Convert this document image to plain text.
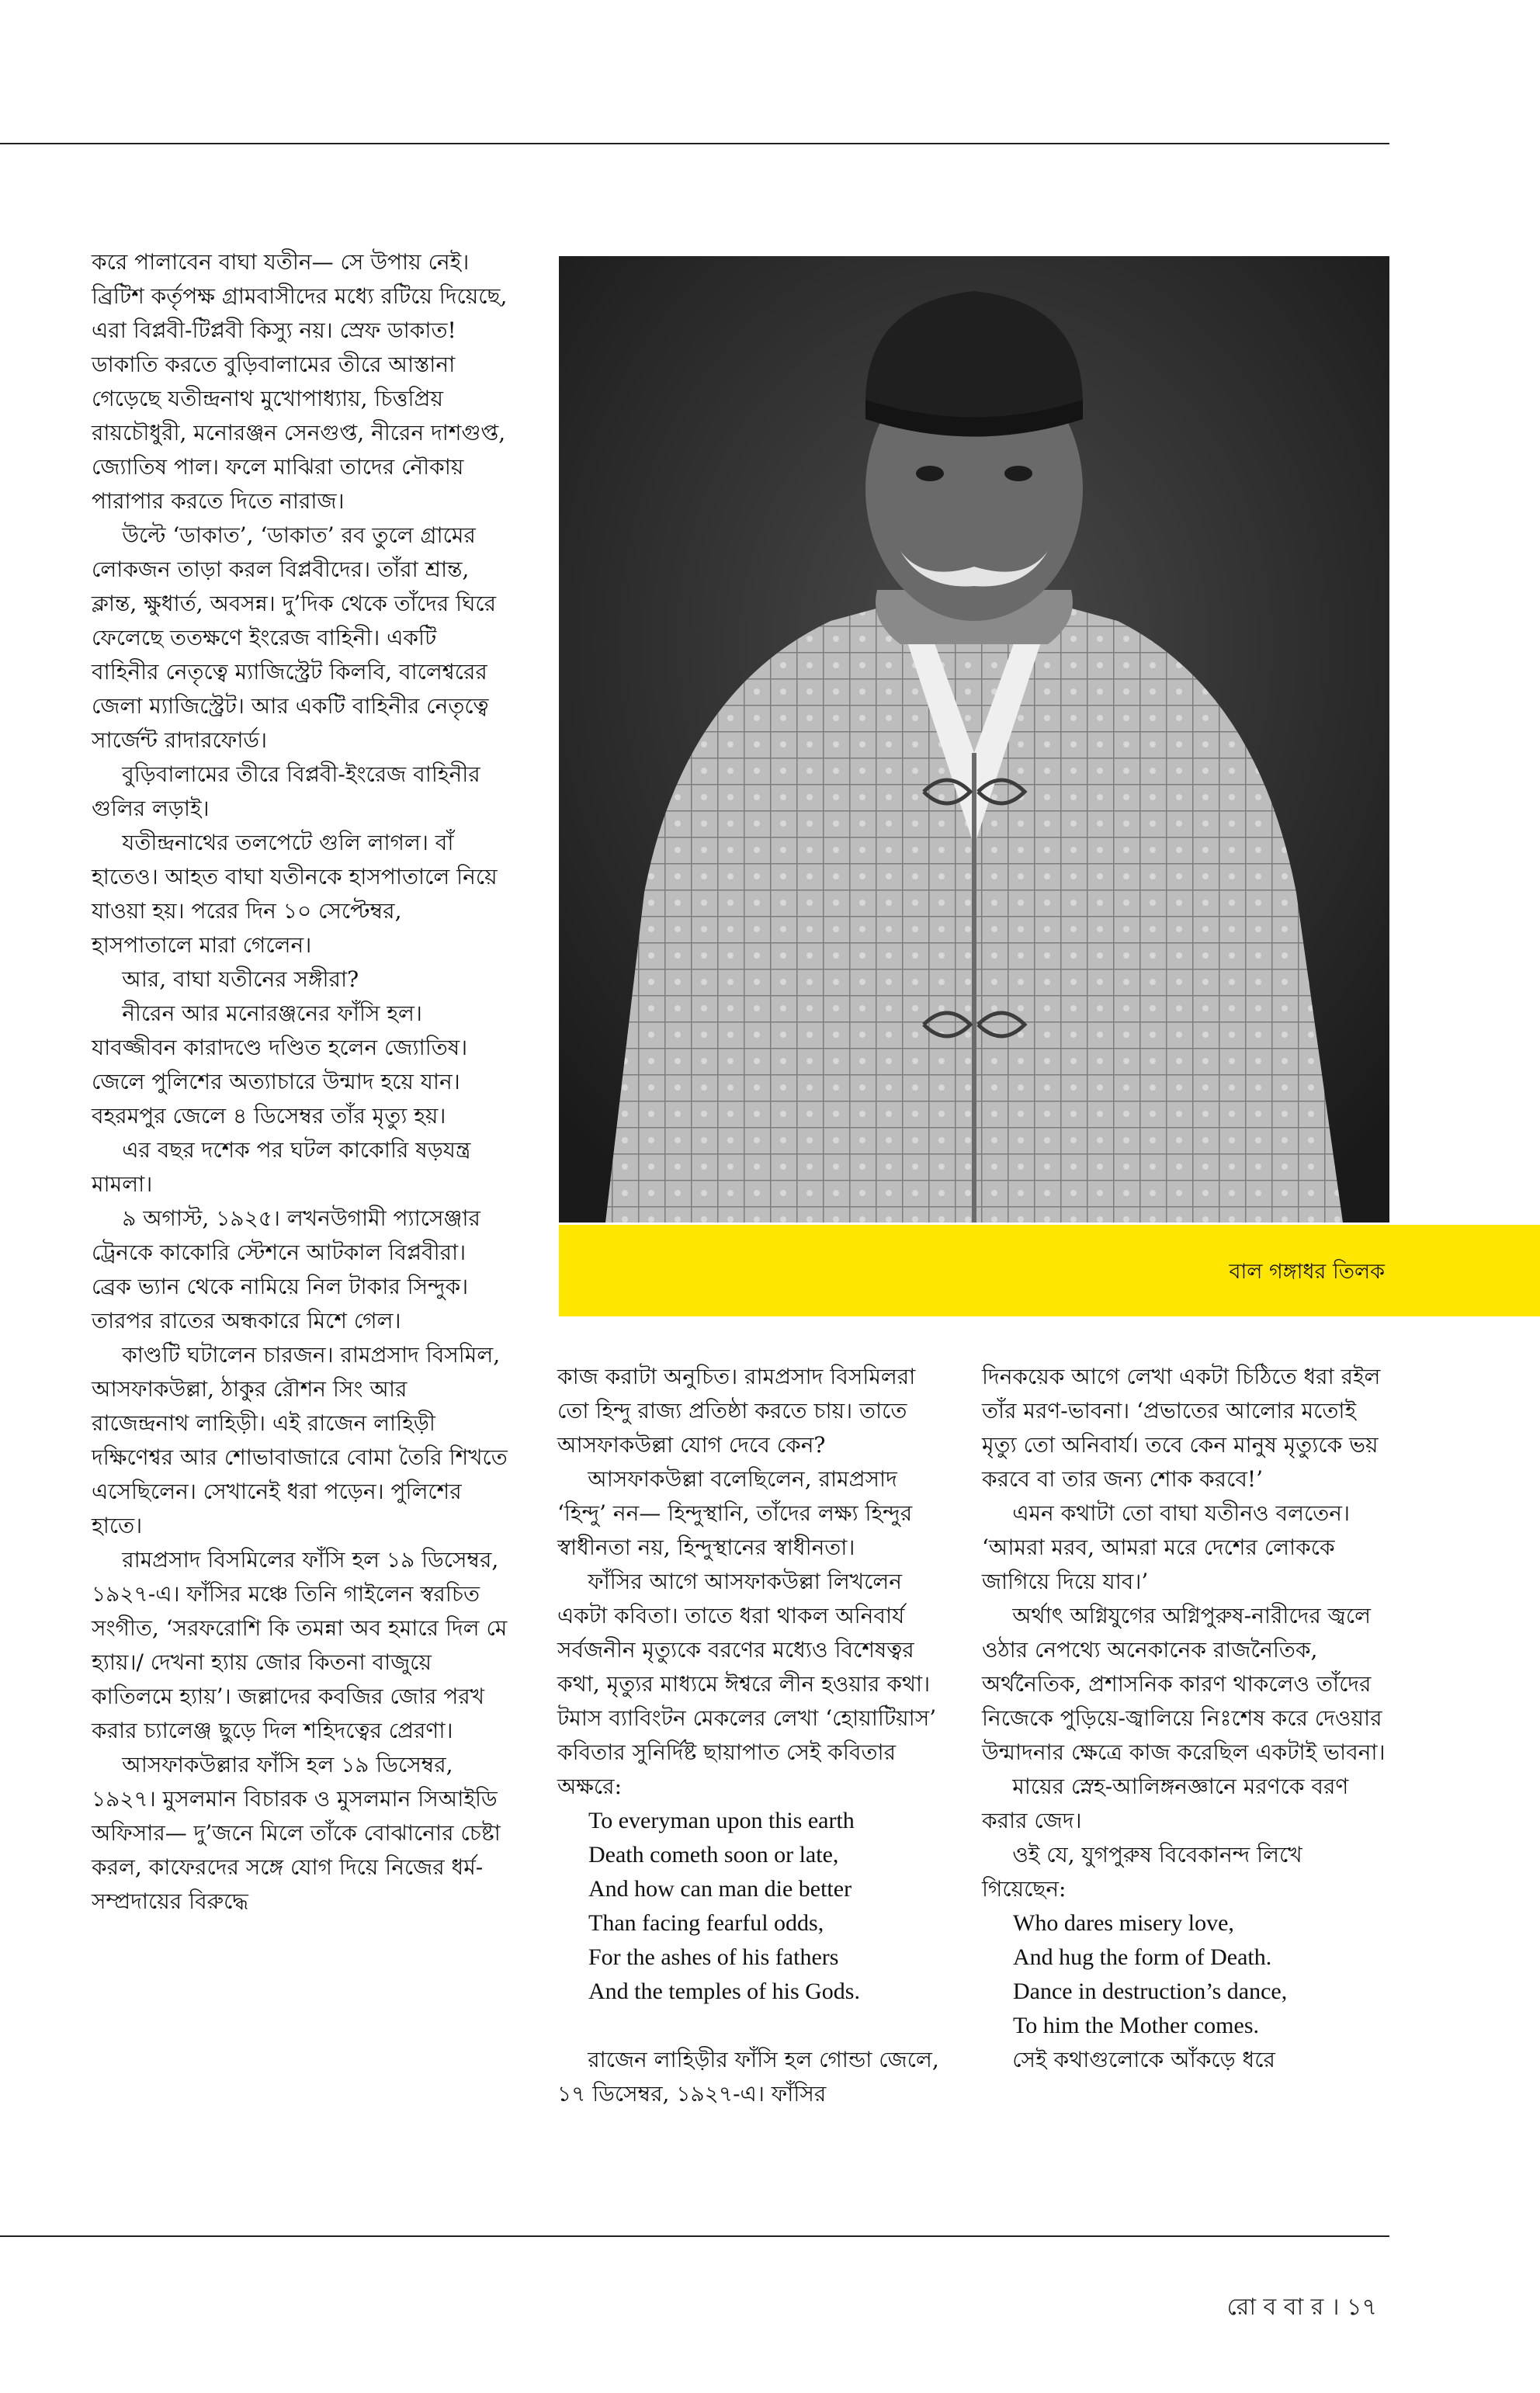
করে পালাবেন বাঘা যতীন— সে উপায় নেই। ব্রিটিশ কর্তৃপক্ষ গ্রামবাসীদের মধ্যে রটিয়ে দিয়েছে, এরা বিপ্লবী-টিপ্লবী কিস্যু নয়। স্রেফ ডাকাত! ডাকাতি করতে বুড়িবালামের তীরে আস্তানা গেড়েছে যতীন্দ্রনাথ মুখোপাধ্যায়, চিত্তপ্রিয় রায়চৌধুরী, মনোরঞ্জন সেনগুপ্ত, নীরেন দাশগুপ্ত, জ্যোতিষ পাল। ফলে মাঝিরা তাদের নৌকায় পারাপার করতে দিতে নারাজ।

উল্টে ‘ডাকাত’, ‘ডাকাত’ রব তুলে গ্রামের লোকজন তাড়া করল বিপ্লবীদের। তাঁরা শ্রান্ত, ক্লান্ত, ক্ষুধার্ত, অবসন্ন। দু’দিক থেকে তাঁদের ঘিরে ফেলেছে ততক্ষণে ইংরেজ বাহিনী। একটি বাহিনীর নেতৃত্বে ম্যাজিস্ট্রেট কিলবি, বালেশ্বরের জেলা ম্যাজিস্ট্রেট। আর একটি বাহিনীর নেতৃত্বে সার্জেন্ট রাদারফোর্ড।

বুড়িবালামের তীরে বিপ্লবী-ইংরেজ বাহিনীর গুলির লড়াই।

যতীন্দ্রনাথের তলপেটে গুলি লাগল। বাঁ হাতেও। আহত বাঘা যতীনকে হাসপাতালে নিয়ে যাওয়া হয়। পরের দিন ১০ সেপ্টেম্বর, হাসপাতালে মারা গেলেন।

আর, বাঘা যতীনের সঙ্গীরা?

নীরেন আর মনোরঞ্জনের ফাঁসি হল। যাবজ্জীবন কারাদণ্ডে দণ্ডিত হলেন জ্যোতিষ। জেলে পুলিশের অত্যাচারে উন্মাদ হয়ে যান। বহরমপুর জেলে ৪ ডিসেম্বর তাঁর মৃত্যু হয়।

এর বছর দশেক পর ঘটল কাকোরি ষড়যন্ত্র মামলা।

৯ অগাস্ট, ১৯২৫। লখনউগামী প্যাসেঞ্জার ট্রেনকে কাকোরি স্টেশনে আটকাল বিপ্লবীরা। ব্রেক ভ্যান থেকে নামিয়ে নিল টাকার সিন্দুক। তারপর রাতের অন্ধকারে মিশে গেল।

কাণ্ডটি ঘটালেন চারজন। রামপ্রসাদ বিসমিল, আসফাকউল্লা, ঠাকুর রৌশন সিং আর রাজেন্দ্রনাথ লাহিড়ী। এই রাজেন লাহিড়ী দক্ষিণেশ্বর আর শোভাবাজারে বোমা তৈরি শিখতে এসেছিলেন। সেখানেই ধরা পড়েন। পুলিশের হাতে।

রামপ্রসাদ বিসমিলের ফাঁসি হল ১৯ ডিসেম্বর, ১৯২৭-এ। ফাঁসির মঞ্চে তিনি গাইলেন স্বরচিত সংগীত, ‘সরফরোশি কি তমন্না অব হমারে দিল মে হ্যায়।/ দেখনা হ্যায় জোর কিতনা বাজুয়ে কাতিলমে হ্যায়’। জল্লাদের কবজির জোর পরখ করার চ্যালেঞ্জ ছুড়ে দিল শহিদত্বের প্রেরণা।

আসফাকউল্লার ফাঁসি হল ১৯ ডিসেম্বর, ১৯২৭। মুসলমান বিচারক ও মুসলমান সিআইডি অফিসার— দু’জনে মিলে তাঁকে বোঝানোর চেষ্টা করল, কাফেরদের সঙ্গে যোগ দিয়ে নিজের ধর্ম-সম্প্রদায়ের বিরুদ্ধে

বাল গঙ্গাধর তিলক

কাজ করাটা অনুচিত। রামপ্রসাদ বিসমিলরা তো হিন্দু রাজ্য প্রতিষ্ঠা করতে চায়। তাতে আসফাকউল্লা যোগ দেবে কেন?

আসফাকউল্লা বলেছিলেন, রামপ্রসাদ ‘হিন্দু’ নন— হিন্দুস্থানি, তাঁদের লক্ষ্য হিন্দুর স্বাধীনতা নয়, হিন্দুস্থানের স্বাধীনতা।

ফাঁসির আগে আসফাকউল্লা লিখলেন একটা কবিতা। তাতে ধরা থাকল অনিবার্য সর্বজনীন মৃত্যুকে বরণের মধ্যেও বিশেষত্বর কথা, মৃত্যুর মাধ্যমে ঈশ্বরে লীন হওয়ার কথা। টমাস ব্যাবিংটন মেকলের লেখা ‘হোয়াটিয়াস’ কবিতার সুনির্দিষ্ট ছায়াপাত সেই কবিতার অক্ষরে:

To everyman upon this earth

Death cometh soon or late,

And how can man die better

Than facing fearful odds,

For the ashes of his fathers

And the temples of his Gods.

রাজেন লাহিড়ীর ফাঁসি হল গোন্ডা জেলে, ১৭ ডিসেম্বর, ১৯২৭-এ। ফাঁসির

দিনকয়েক আগে লেখা একটা চিঠিতে ধরা রইল তাঁর মরণ-ভাবনা। ‘প্রভাতের আলোর মতোই মৃত্যু তো অনিবার্য। তবে কেন মানুষ মৃত্যুকে ভয় করবে বা তার জন্য শোক করবে!’

এমন কথাটা তো বাঘা যতীনও বলতেন। ‘আমরা মরব, আমরা মরে দেশের লোককে জাগিয়ে দিয়ে যাব।’

অর্থাৎ অগ্নিযুগের অগ্নিপুরুষ-নারীদের জ্বলে ওঠার নেপথ্যে অনেকানেক রাজনৈতিক, অর্থনৈতিক, প্রশাসনিক কারণ থাকলেও তাঁদের নিজেকে পুড়িয়ে-জ্বালিয়ে নিঃশেষ করে দেওয়ার উন্মাদনার ক্ষেত্রে কাজ করেছিল একটাই ভাবনা।

মায়ের স্নেহ-আলিঙ্গনজ্ঞানে মরণকে বরণ করার জেদ।

ওই যে, যুগপুরুষ বিবেকানন্দ লিখে গিয়েছেন:

Who dares misery love,

And hug the form of Death.

Dance in destruction’s dance,

To him the Mother comes.

সেই কথাগুলোকে আঁকড়ে ধরে

রো ব বা র । ১৭
